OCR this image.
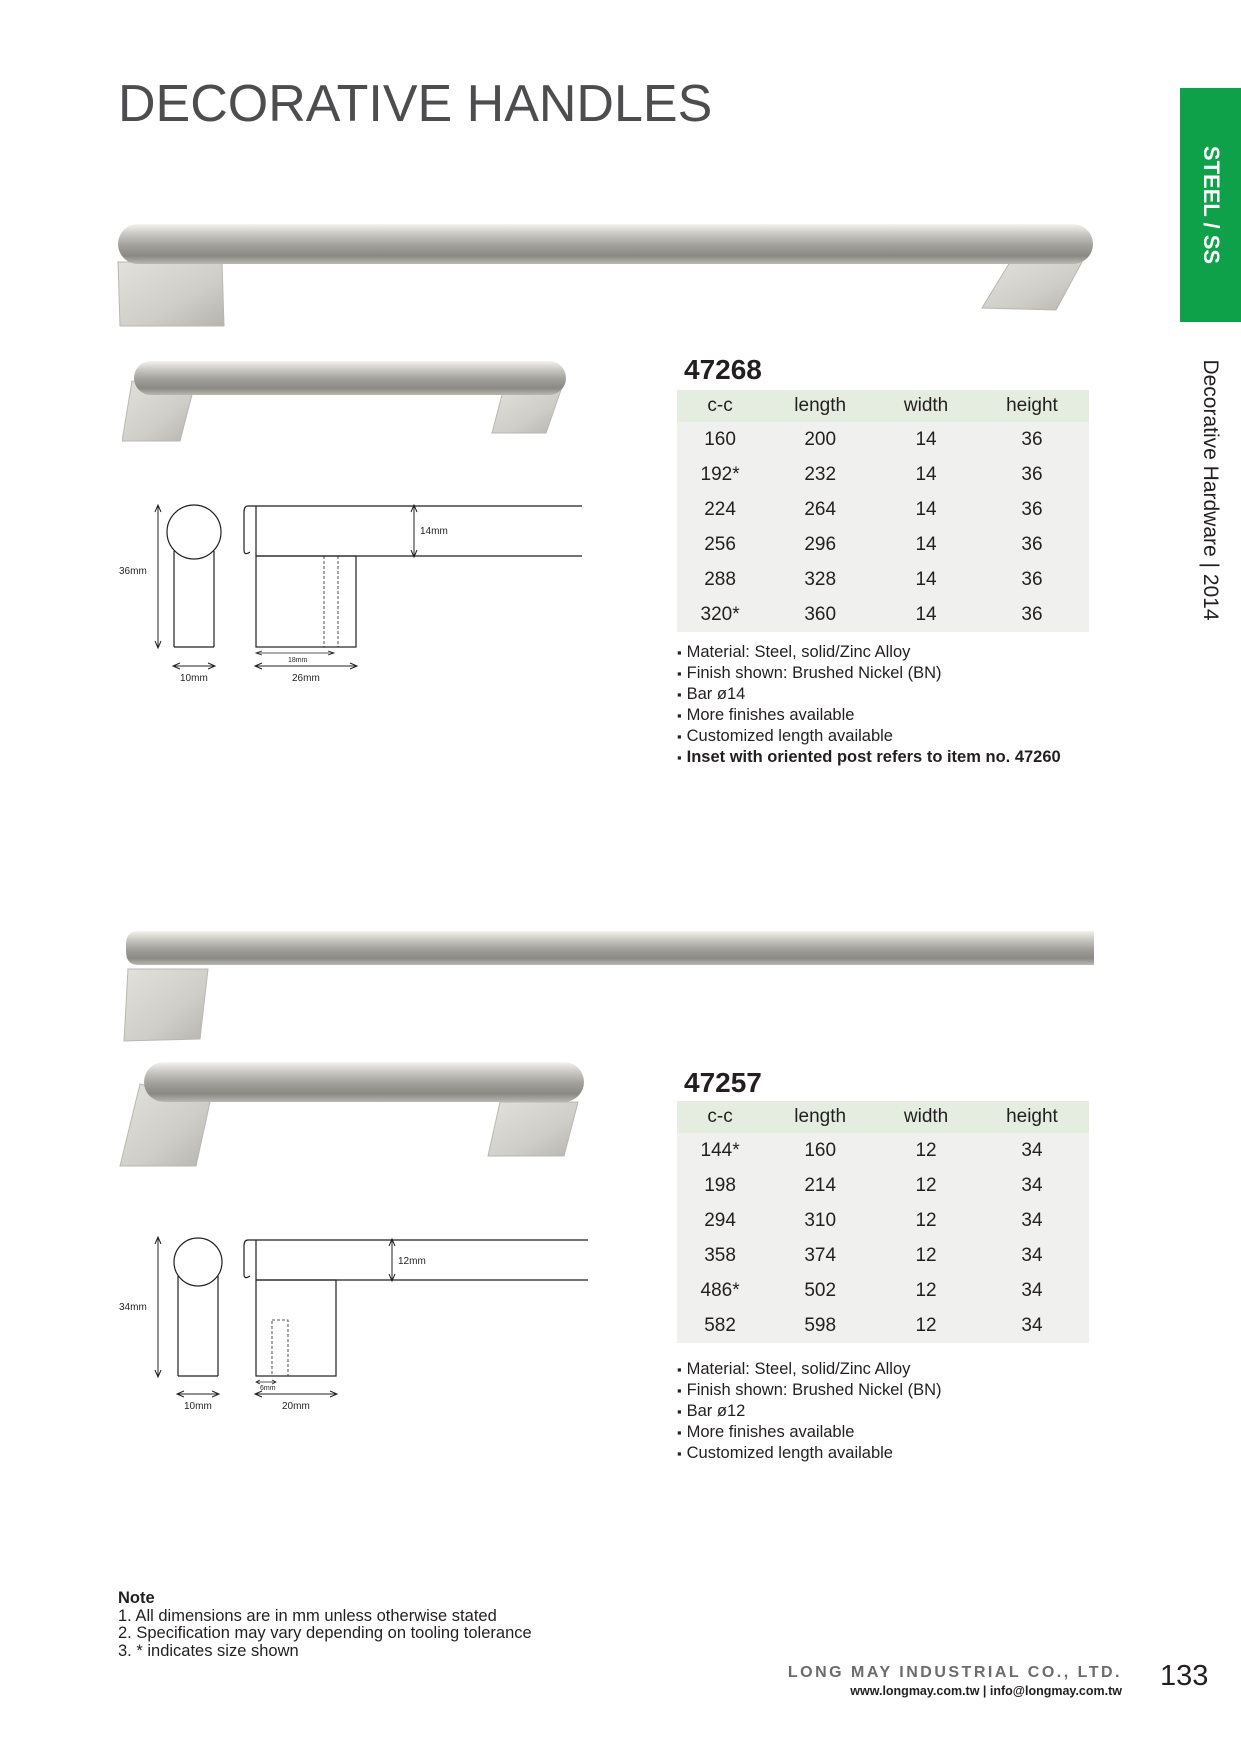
DECORATIVE HANDLES
STEEL / SS
Decorative Hardware | 2014
36mm
10mm
14mm
18mm
26mm
47268
c-c	length	width	height
160	200	14	36
192*	232	14	36
224	264	14	36
256	296	14	36
288	328	14	36
320*	360	14	36
▪ Material: Steel, solid/Zinc Alloy
▪ Finish shown: Brushed Nickel (BN)
▪ Bar ø14
▪ More finishes available
▪ Customized length available
▪ Inset with oriented post refers to item no. 47260
34mm
10mm
12mm
6mm
20mm
47257
c-c	length	width	height
144*	160	12	34
198	214	12	34
294	310	12	34
358	374	12	34
486*	502	12	34
582	598	12	34
▪ Material: Steel, solid/Zinc Alloy
▪ Finish shown: Brushed Nickel (BN)
▪ Bar ø12
▪ More finishes available
▪ Customized length available
Note
1. All dimensions are in mm unless otherwise stated
2. Specification may vary depending on tooling tolerance
3. * indicates size shown
LONG MAY INDUSTRIAL CO., LTD.
www.longmay.com.tw | info@longmay.com.tw 133
